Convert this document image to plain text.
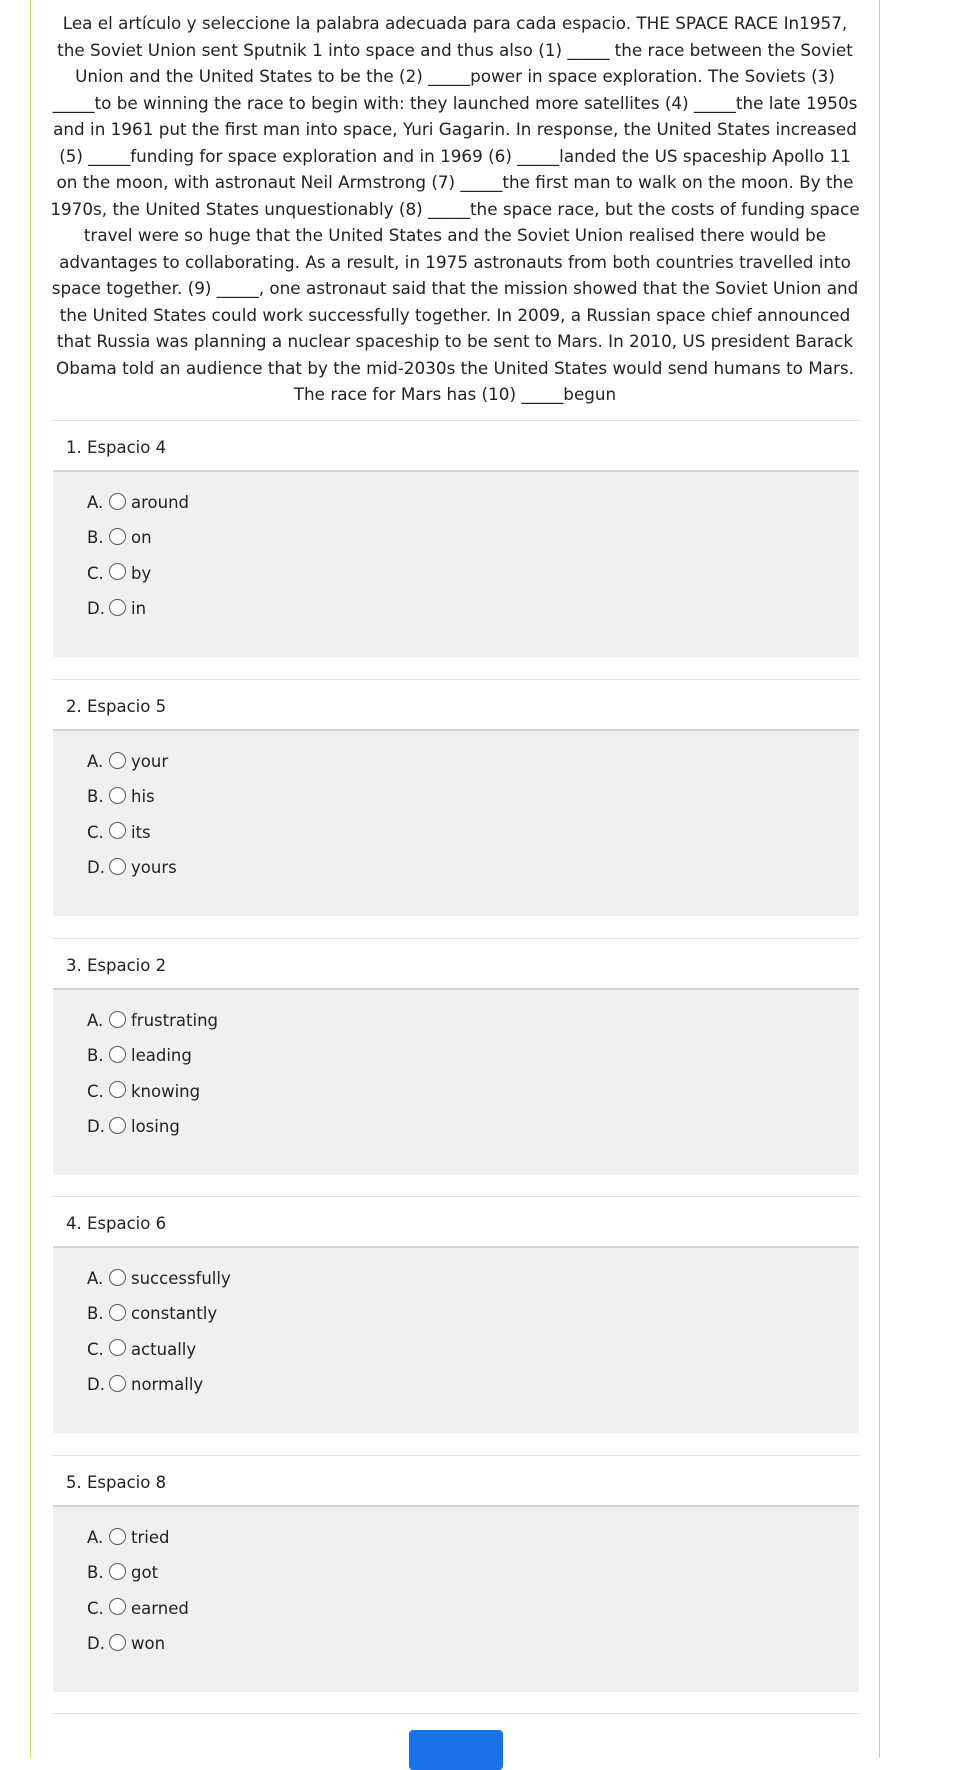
Lea el artículo y seleccione la palabra adecuada para cada espacio. THE SPACE RACE In1957, the Soviet Union sent Sputnik 1 into space and thus also (1) _____ the race between the Soviet Union and the United States to be the (2) _____power in space exploration. The Soviets (3) _____to be winning the race to begin with: they launched more satellites (4) _____the late 1950s and in 1961 put the first man into space, Yuri Gagarin. In response, the United States increased (5) _____funding for space exploration and in 1969 (6) _____landed the US spaceship Apollo 11 on the moon, with astronaut Neil Armstrong (7) _____the first man to walk on the moon. By the 1970s, the United States unquestionably (8) _____the space race, but the costs of funding space travel were so huge that the United States and the Soviet Union realised there would be advantages to collaborating. As a result, in 1975 astronauts from both countries travelled into space together. (9) _____, one astronaut said that the mission showed that the Soviet Union and the United States could work successfully together. In 2009, a Russian space chief announced that Russia was planning a nuclear spaceship to be sent to Mars. In 2010, US president Barack Obama told an audience that by the mid-2030s the United States would send humans to Mars. The race for Mars has (10) _____begun

1. Espacio 4
A.	around
B.	on
C.	by
D. in
2. Espacio 5
A.	your
B.	his
C.	its
D. yours
3. Espacio 2
A.	frustrating
B.	leading
C.	knowing
D. losing
4. Espacio 6
A.	successfully
B.	constantly
C.	actually
D. normally
5. Espacio 8
A.	tried
B.	got
C.	earned
D. won
